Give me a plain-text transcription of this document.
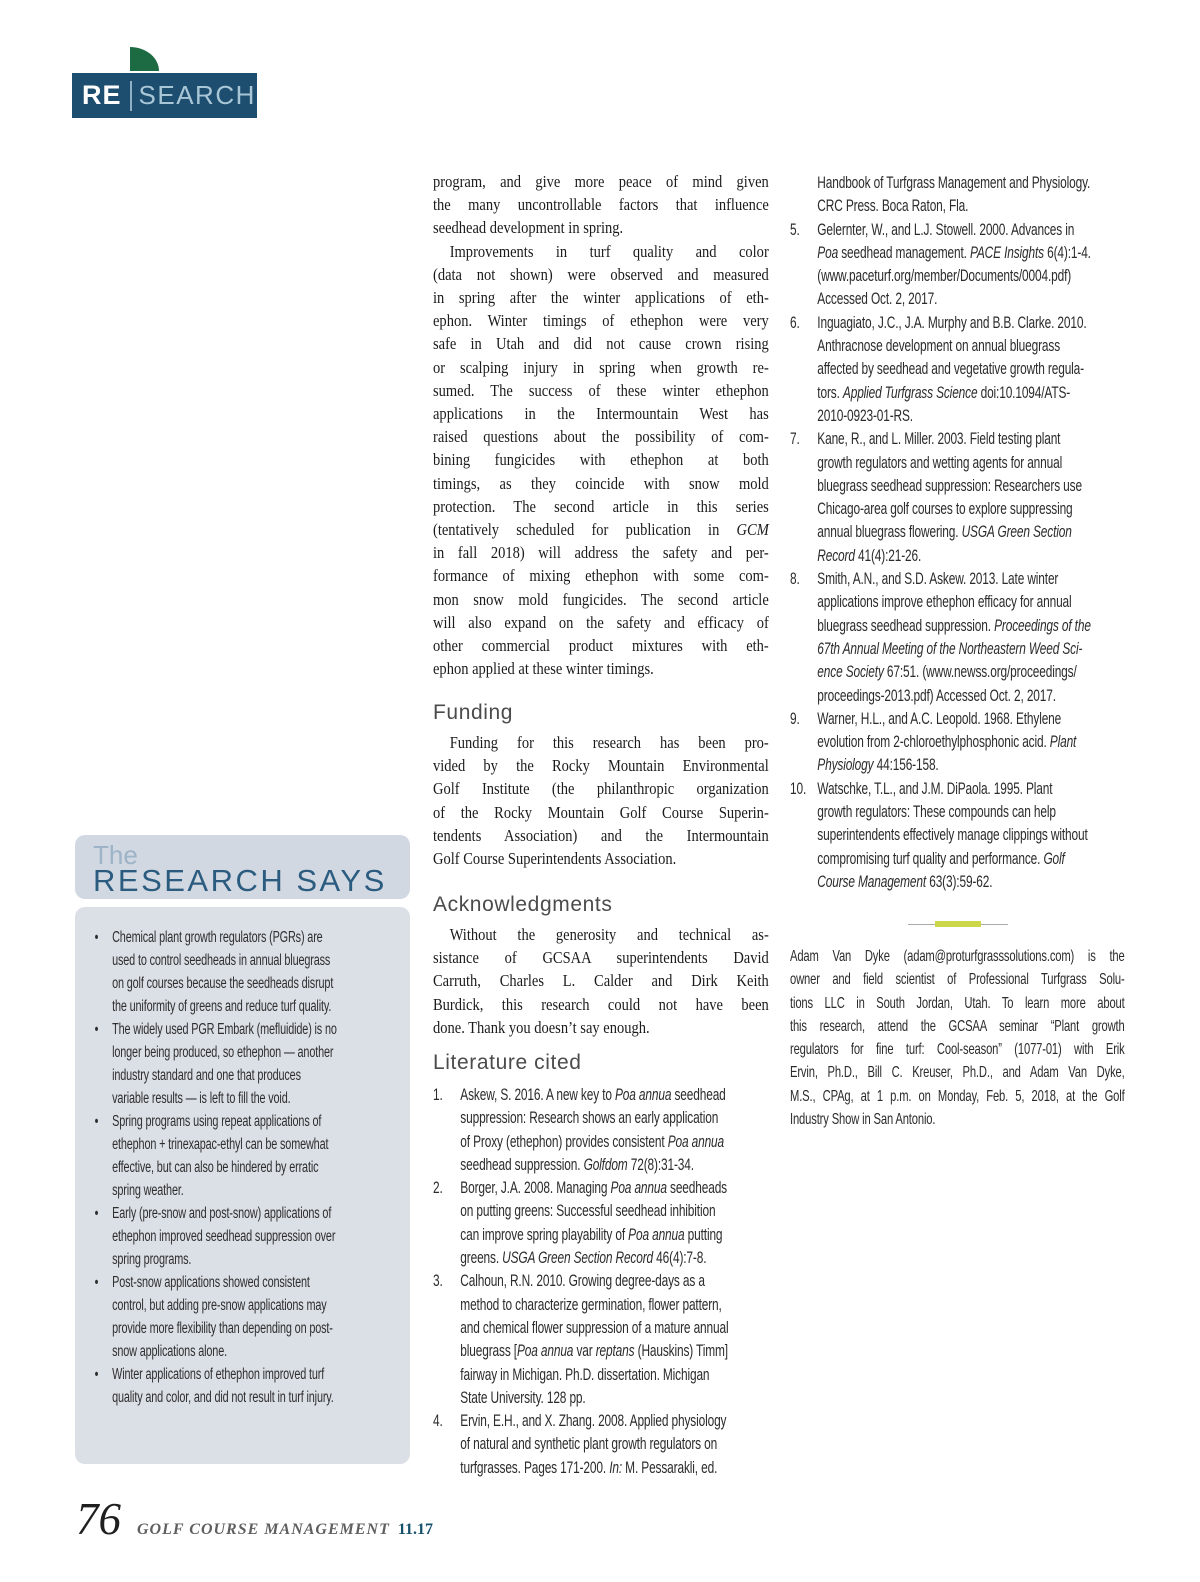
RE SEARCH
program, and give more peace of mind given
the many uncontrollable factors that influence
seedhead development in spring.
Improvements in turf quality and color
(data not shown) were observed and measured
in spring after the winter applications of eth-
ephon. Winter timings of ethephon were very
safe in Utah and did not cause crown rising
or scalping injury in spring when growth re-
sumed. The success of these winter ethephon
applications in the Intermountain West has
raised questions about the possibility of com-
bining fungicides with ethephon at both
timings, as they coincide with snow mold
protection. The second article in this series
(tentatively scheduled for publication in GCM
in fall 2018) will address the safety and per-
formance of mixing ethephon with some com-
mon snow mold fungicides. The second article
will also expand on the safety and efficacy of
other commercial product mixtures with eth-
ephon applied at these winter timings.
Funding
Funding for this research has been pro-
vided by the Rocky Mountain Environmental
Golf Institute (the philanthropic organization
of the Rocky Mountain Golf Course Superin-
tendents Association) and the Intermountain
Golf Course Superintendents Association.
Acknowledgments
Without the generosity and technical as-
sistance of GCSAA superintendents David
Carruth, Charles L. Calder and Dirk Keith
Burdick, this research could not have been
done. Thank you doesn’t say enough.
Literature cited
1. Askew, S. 2016. A new key to Poa annua seedhead
suppression: Research shows an early application
of Proxy (ethephon) provides consistent Poa annua
seedhead suppression. Golfdom 72(8):31-34.
2. Borger, J.A. 2008. Managing Poa annua seedheads
on putting greens: Successful seedhead inhibition
can improve spring playability of Poa annua putting
greens. USGA Green Section Record 46(4):7-8.
3. Calhoun, R.N. 2010. Growing degree-days as a
method to characterize germination, flower pattern,
and chemical flower suppression of a mature annual
bluegrass [Poa annua var reptans (Hauskins) Timm]
fairway in Michigan. Ph.D. dissertation. Michigan
State University. 128 pp.
4. Ervin, E.H., and X. Zhang. 2008. Applied physiology
of natural and synthetic plant growth regulators on
turfgrasses. Pages 171-200. In: M. Pessarakli, ed.
Handbook of Turfgrass Management and Physiology.
CRC Press. Boca Raton, Fla.
5. Gelernter, W., and L.J. Stowell. 2000. Advances in
Poa seedhead management. PACE Insights 6(4):1-4.
(www.paceturf.org/member/Documents/0004.pdf)
Accessed Oct. 2, 2017.
6. Inguagiato, J.C., J.A. Murphy and B.B. Clarke. 2010.
Anthracnose development on annual bluegrass
affected by seedhead and vegetative growth regula-
tors. Applied Turfgrass Science doi:10.1094/ATS-
2010-0923-01-RS.
7. Kane, R., and L. Miller. 2003. Field testing plant
growth regulators and wetting agents for annual
bluegrass seedhead suppression: Researchers use
Chicago-area golf courses to explore suppressing
annual bluegrass flowering. USGA Green Section
Record 41(4):21-26.
8. Smith, A.N., and S.D. Askew. 2013. Late winter
applications improve ethephon efficacy for annual
bluegrass seedhead suppression. Proceedings of the
67th Annual Meeting of the Northeastern Weed Sci-
ence Society 67:51. (www.newss.org/proceedings/
proceedings-2013.pdf) Accessed Oct. 2, 2017.
9. Warner, H.L., and A.C. Leopold. 1968. Ethylene
evolution from 2-chloroethylphosphonic acid. Plant
Physiology 44:156-158.
10. Watschke, T.L., and J.M. DiPaola. 1995. Plant
growth regulators: These compounds can help
superintendents effectively manage clippings without
compromising turf quality and performance. Golf
Course Management 63(3):59-62.
Adam Van Dyke (adam@proturfgrasssolutions.com) is the
owner and field scientist of Professional Turfgrass Solu-
tions LLC in South Jordan, Utah. To learn more about
this research, attend the GCSAA seminar “Plant growth
regulators for fine turf: Cool-season” (1077-01) with Erik
Ervin, Ph.D., Bill C. Kreuser, Ph.D., and Adam Van Dyke,
M.S., CPAg, at 1 p.m. on Monday, Feb. 5, 2018, at the Golf
Industry Show in San Antonio.
The
RESEARCH SAYS
• Chemical plant growth regulators (PGRs) are
used to control seedheads in annual bluegrass
on golf courses because the seedheads disrupt
the uniformity of greens and reduce turf quality.
• The widely used PGR Embark (mefluidide) is no
longer being produced, so ethephon — another
industry standard and one that produces
variable results — is left to fill the void.
• Spring programs using repeat applications of
ethephon + trinexapac-ethyl can be somewhat
effective, but can also be hindered by erratic
spring weather.
• Early (pre-snow and post-snow) applications of
ethephon improved seedhead suppression over
spring programs.
• Post-snow applications showed consistent
control, but adding pre-snow applications may
provide more flexibility than depending on post-
snow applications alone.
• Winter applications of ethephon improved turf
quality and color, and did not result in turf injury.
76 GOLF COURSE MANAGEMENT 11.17
